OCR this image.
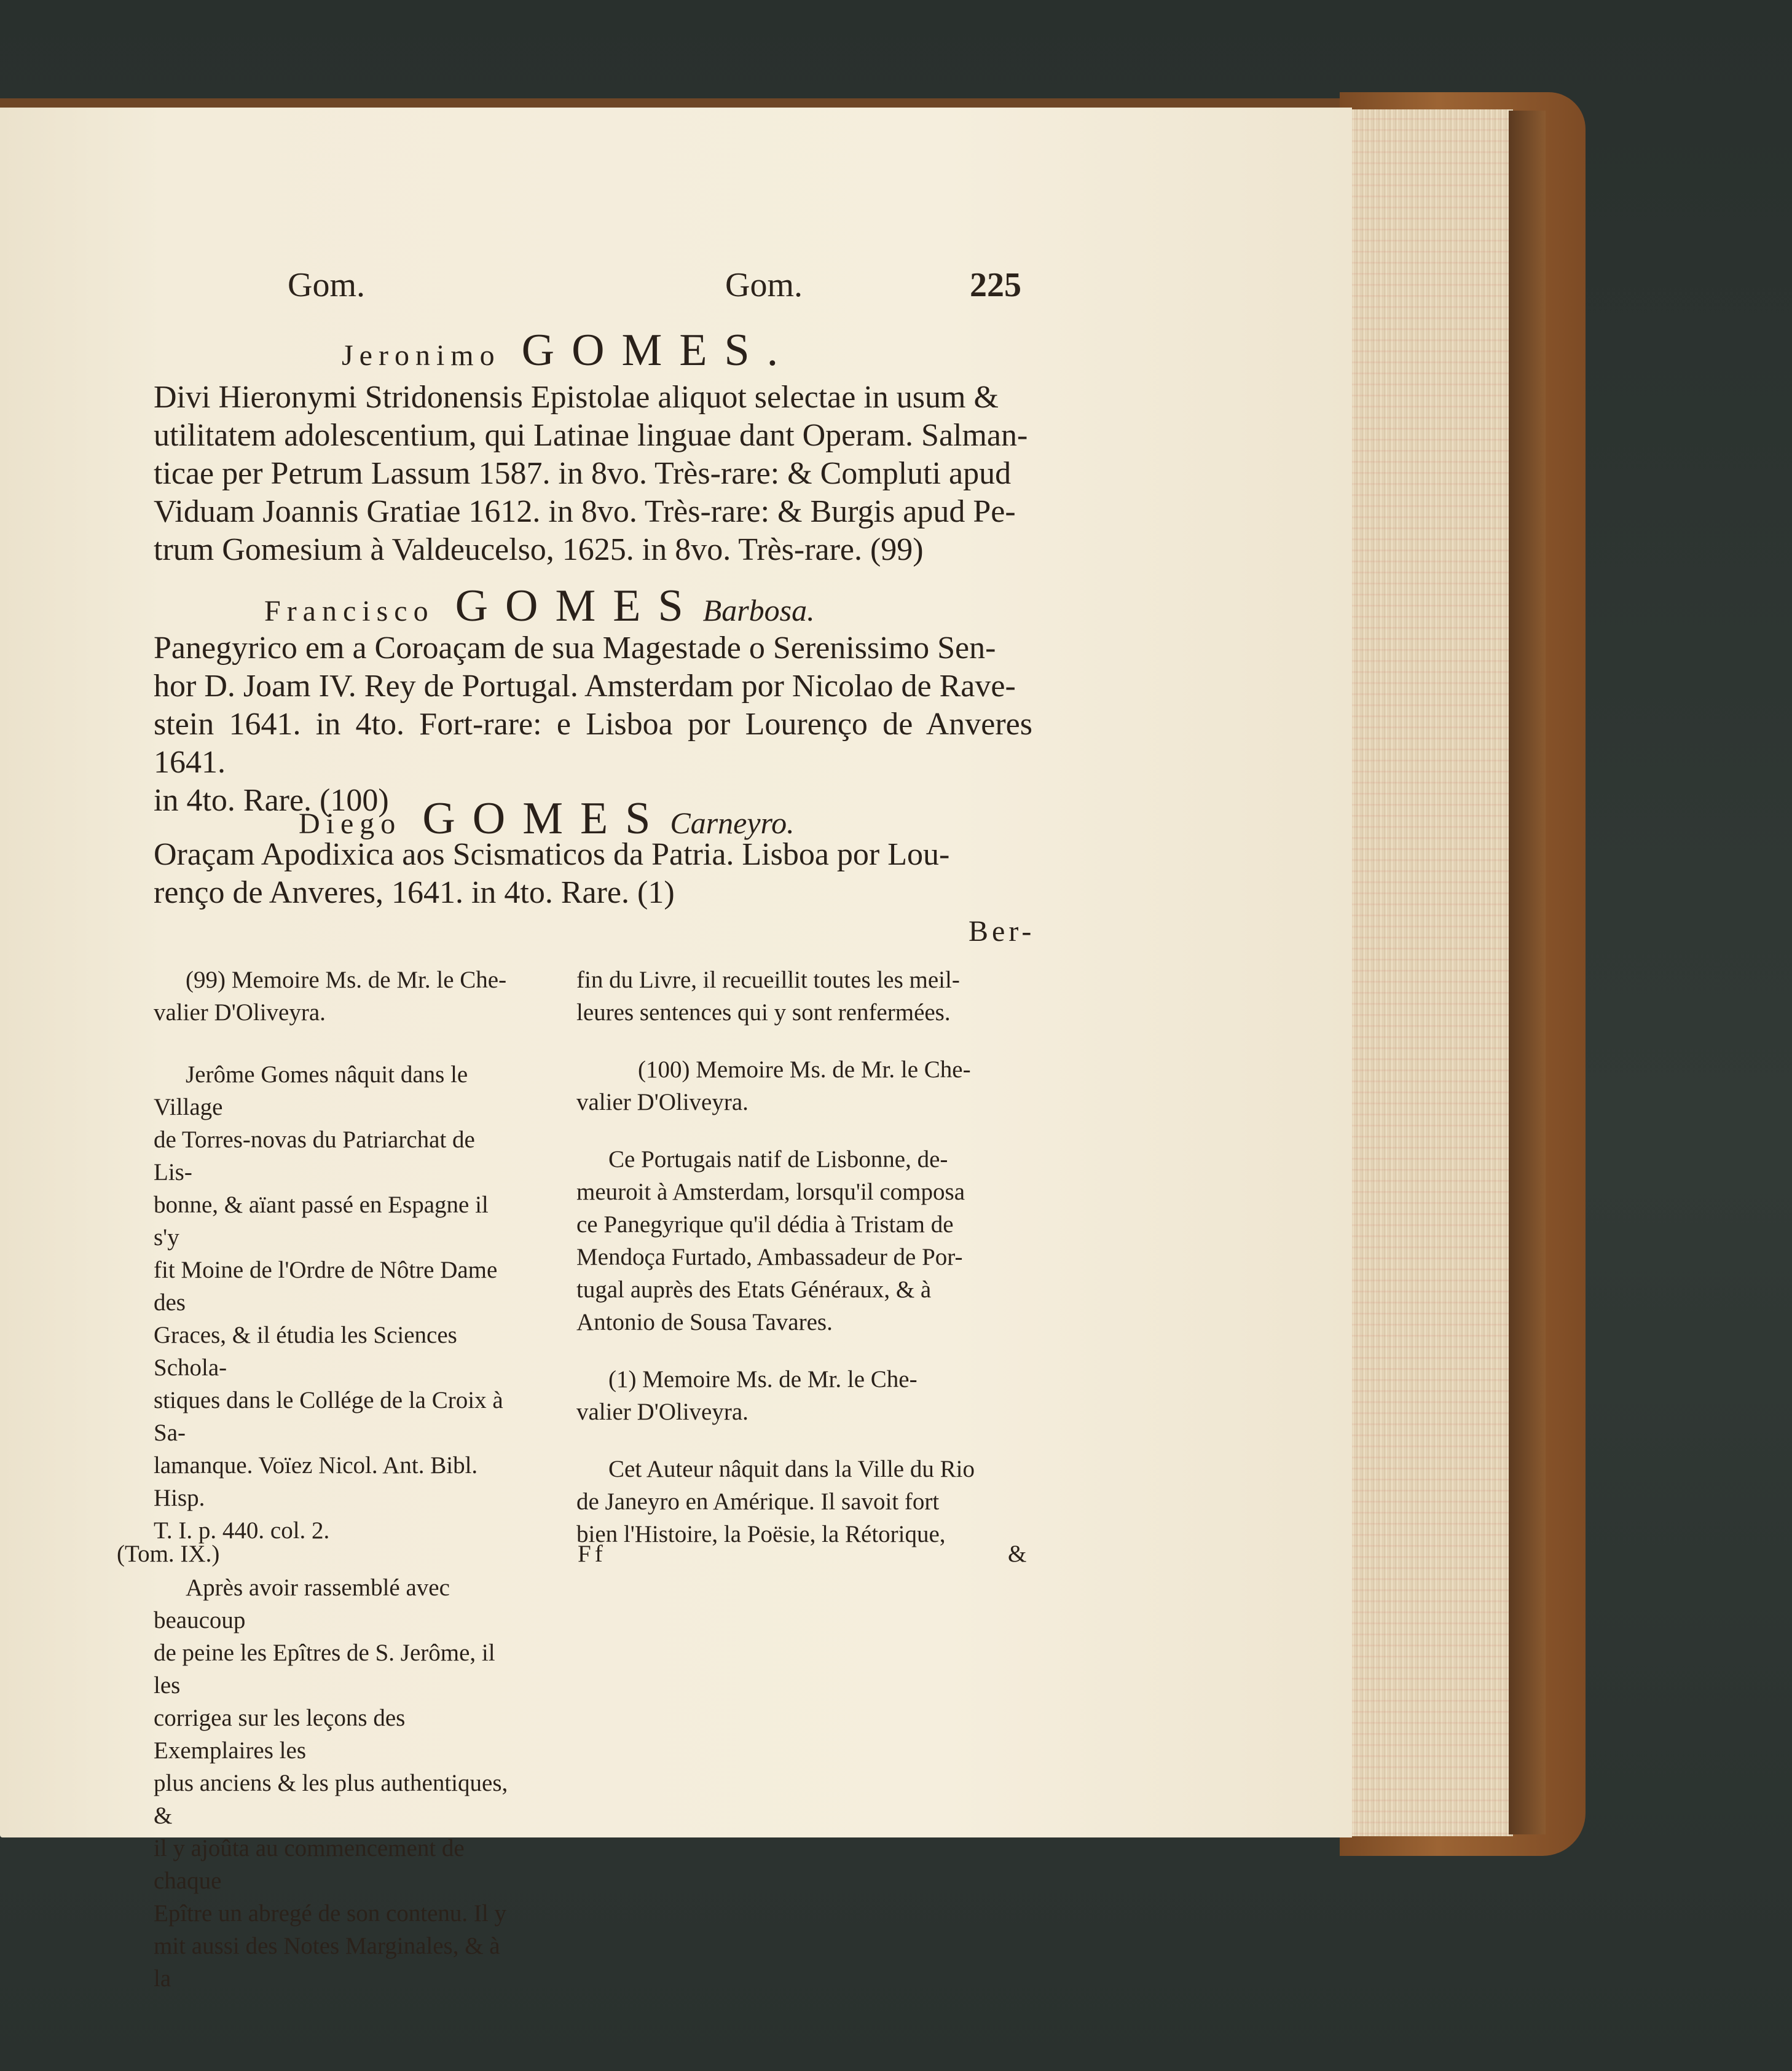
Gom.	Gom.	225
Jeronimo GOMES.
Divi Hieronymi Stridonensis Epistolae aliquot selectae in usum &
utilitatem adolescentium, qui Latinae linguae dant Operam. Salman-
ticae per Petrum Lassum 1587. in 8vo. Très-rare: & Compluti apud
Viduam Joannis Gratiae 1612. in 8vo. Très-rare: & Burgis apud Pe-
trum Gomesium à Valdeucelso, 1625. in 8vo. Très-rare. (99)
Francisco GOMES Barbosa.
Panegyrico em a Coroaçam de sua Magestade o Serenissimo Sen-
hor D. Joam IV. Rey de Portugal. Amsterdam por Nicolao de Rave-
stein 1641. in 4to. Fort-rare: e Lisboa por Lourenço de Anveres 1641.
in 4to. Rare. (100)
Diego GOMES Carneyro.
Oraçam Apodixica aos Scismaticos da Patria. Lisboa por Lou-
renço de Anveres, 1641. in 4to. Rare. (1)
Ber-
(99) Memoire Ms. de Mr. le Che-
valier D'Oliveyra.
Jerôme Gomes nâquit dans le Village
de Torres-novas du Patriarchat de Lis-
bonne, & aïant passé en Espagne il s'y
fit Moine de l'Ordre de Nôtre Dame des
Graces, & il étudia les Sciences Schola-
stiques dans le Collége de la Croix à Sa-
lamanque. Voïez Nicol. Ant. Bibl. Hisp.
T. I. p. 440. col. 2.
Après avoir rassemblé avec beaucoup
de peine les Epîtres de S. Jerôme, il les
corrigea sur les leçons des Exemplaires les
plus anciens & les plus authentiques, &
il y ajoûta au commencement de chaque
Epître un abregé de son contenu. Il y
mit aussi des Notes Marginales, & à la
fin du Livre, il recueillit toutes les meil-
leures sentences qui y sont renfermées.
(100) Memoire Ms. de Mr. le Che-
valier D'Oliveyra.
Ce Portugais natif de Lisbonne, de-
meuroit à Amsterdam, lorsqu'il composa
ce Panegyrique qu'il dédia à Tristam de
Mendoça Furtado, Ambassadeur de Por-
tugal auprès des Etats Généraux, & à
Antonio de Sousa Tavares.
(1) Memoire Ms. de Mr. le Che-
valier D'Oliveyra.
Cet Auteur nâquit dans la Ville du Rio
de Janeyro en Amérique. Il savoit fort
bien l'Histoire, la Poësie, la Rétorique,
(Tom. IX.)	Ff	&
